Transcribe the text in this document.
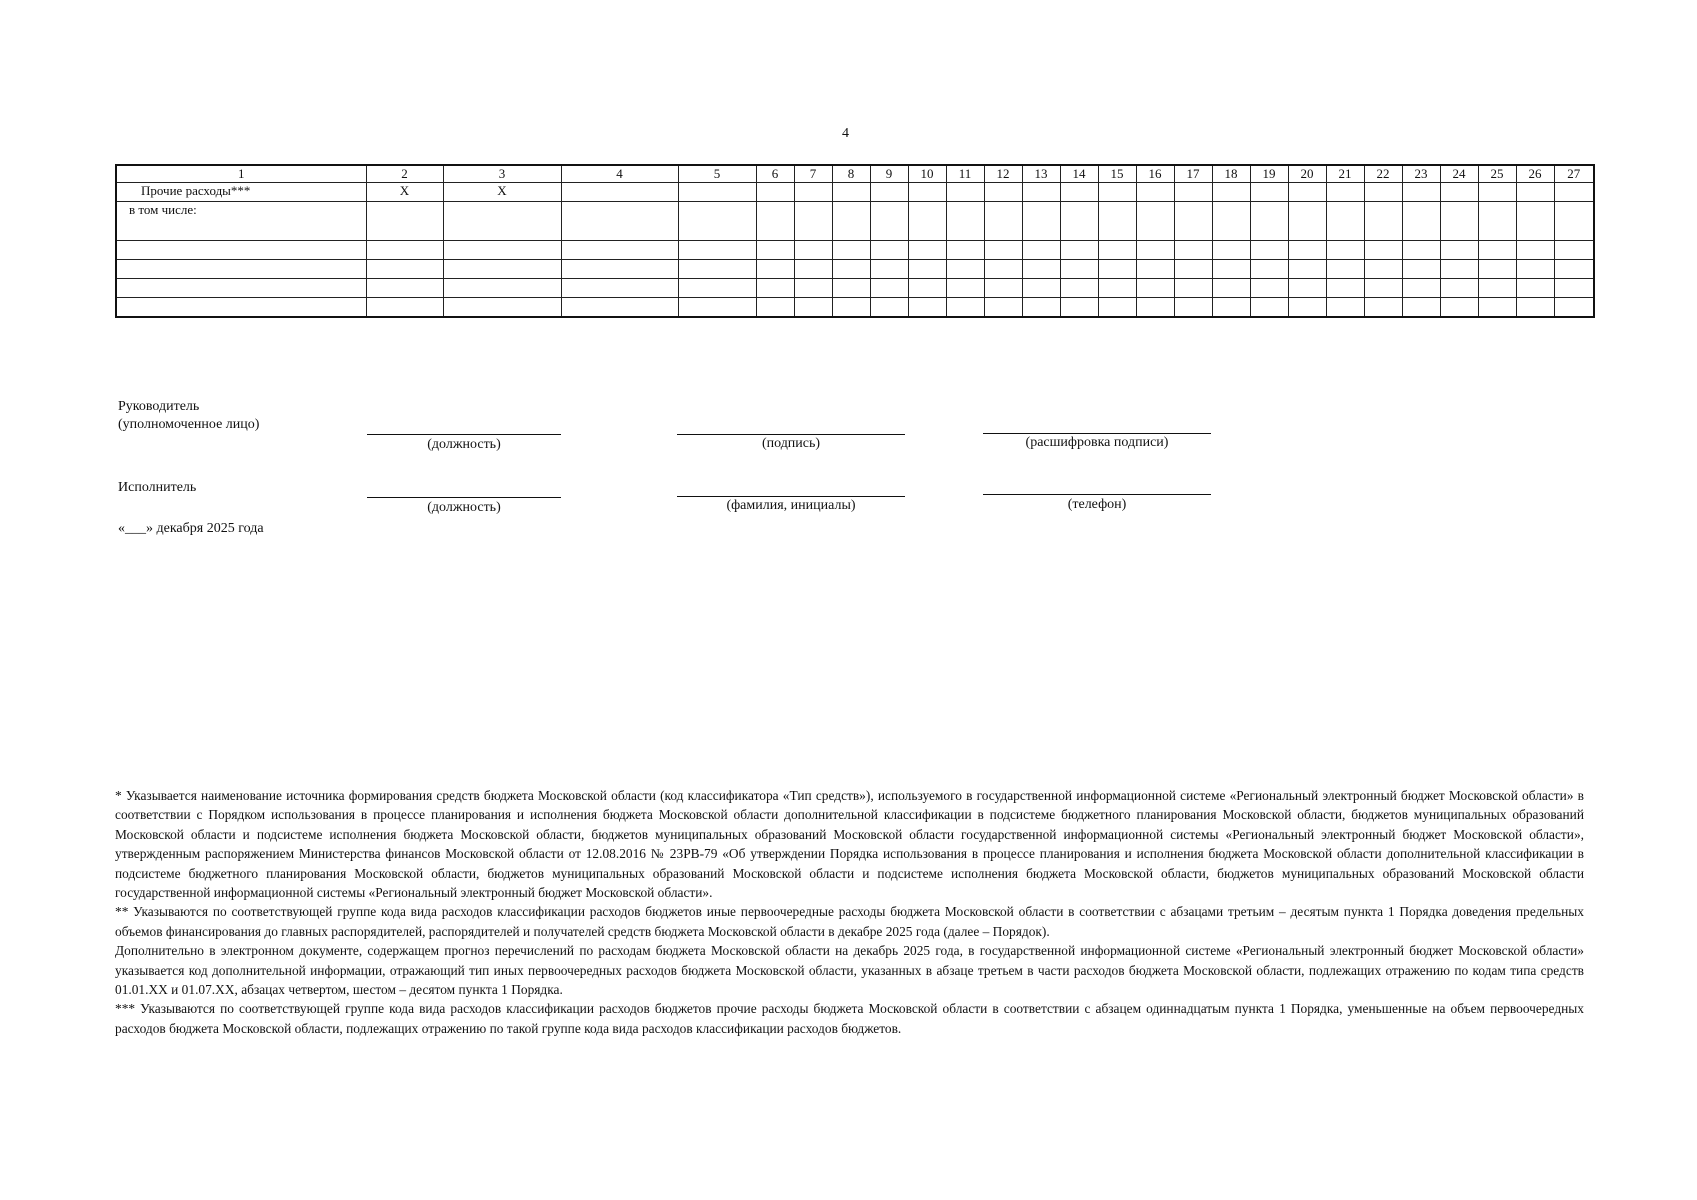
4
1	2	3	4	5	6	7	8	9	10	11	12	13	14	15	16	17	18	19	20	21	22	23	24	25	26	27
Прочие расходы***	Х	Х																								
в том числе:																										

Руководитель
(уполномоченное лицо)
(должность)	(подпись)	(расшифровка подписи)
Исполнитель
(должность)	(фамилия, инициалы)	(телефон)
«___» декабря 2025 года

* Указывается наименование источника формирования средств бюджета Московской области (код классификатора «Тип средств»), используемого в государственной информационной системе «Региональный электронный бюджет Московской области» в соответствии с Порядком использования в процессе планирования и исполнения бюджета Московской области дополнительной классификации в подсистеме бюджетного планирования Московской области, бюджетов муниципальных образований Московской области и подсистеме исполнения бюджета Московской области, бюджетов муниципальных образований Московской области государственной информационной системы «Региональный электронный бюджет Московской области», утвержденным распоряжением Министерства финансов Московской области от 12.08.2016 № 23РВ-79 «Об утверждении Порядка использования в процессе планирования и исполнения бюджета Московской области дополнительной классификации в подсистеме бюджетного планирования Московской области, бюджетов муниципальных образований Московской области и подсистеме исполнения бюджета Московской области, бюджетов муниципальных образований Московской области государственной информационной системы «Региональный электронный бюджет Московской области».

** Указываются по соответствующей группе кода вида расходов классификации расходов бюджетов иные первоочередные расходы бюджета Московской области в соответствии с абзацами третьим – десятым пункта 1 Порядка доведения предельных объемов финансирования до главных распорядителей, распорядителей и получателей средств бюджета Московской области в декабре 2025 года (далее – Порядок).

Дополнительно в электронном документе, содержащем прогноз перечислений по расходам бюджета Московской области на декабрь 2025 года, в государственной информационной системе «Региональный электронный бюджет Московской области» указывается код дополнительной информации, отражающий тип иных первоочередных расходов бюджета Московской области, указанных в абзаце третьем в части расходов бюджета Московской области, подлежащих отражению по кодам типа средств 01.01.ХХ и 01.07.ХХ, абзацах четвертом, шестом – десятом пункта 1 Порядка.

*** Указываются по соответствующей группе кода вида расходов классификации расходов бюджетов прочие расходы бюджета Московской области в соответствии с абзацем одиннадцатым пункта 1 Порядка, уменьшенные на объем первоочередных расходов бюджета Московской области, подлежащих отражению по такой группе кода вида расходов классификации расходов бюджетов.
